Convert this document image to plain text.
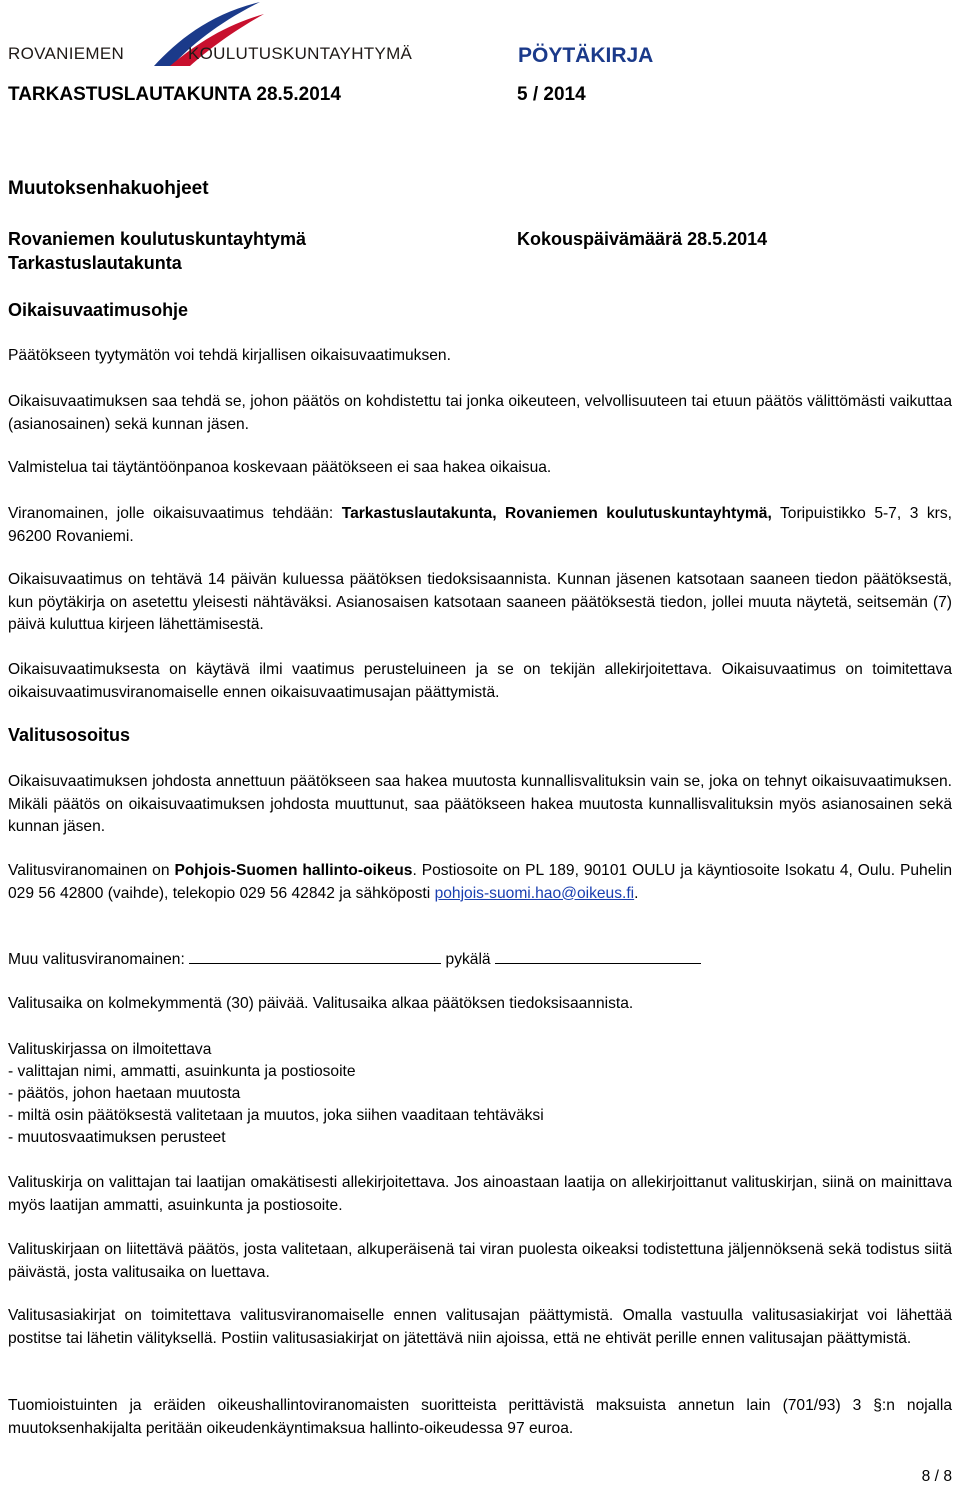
ROVANIEMEN	KOULUTUSKUNTAYHTYMÄ	PÖYTÄKIRJA
TARKASTUSLAUTAKUNTA 28.5.2014	5 / 2014
Muutoksenhakuohjeet
Rovaniemen koulutuskuntayhtymä	Kokouspäivämäärä 28.5.2014
Tarkastuslautakunta
Oikaisuvaatimusohje

Päätökseen tyytymätön voi tehdä kirjallisen oikaisuvaatimuksen.

Oikaisuvaatimuksen saa tehdä se, johon päätös on kohdistettu tai jonka oikeuteen, velvollisuuteen tai etuun päätös välittömästi vaikuttaa (asianosainen) sekä kunnan jäsen.

Valmistelua tai täytäntöönpanoa koskevaan päätökseen ei saa hakea oikaisua.

Viranomainen, jolle oikaisuvaatimus tehdään: Tarkastuslautakunta, Rovaniemen koulutuskuntayhtymä, Toripuistikko 5-7, 3 krs, 96200 Rovaniemi.

Oikaisuvaatimus on tehtävä 14 päivän kuluessa päätöksen tiedoksisaannista. Kunnan jäsenen katsotaan saaneen tiedon päätöksestä, kun pöytäkirja on asetettu yleisesti nähtäväksi. Asianosaisen katsotaan saaneen päätöksestä tiedon, jollei muuta näytetä, seitsemän (7) päivä kuluttua kirjeen lähettämisestä.

Oikaisuvaatimuksesta on käytävä ilmi vaatimus perusteluineen ja se on tekijän allekirjoitettava. Oikaisuvaatimus on toimitettava oikaisuvaatimusviranomaiselle ennen oikaisuvaatimusajan päättymistä.

Valitusosoitus

Oikaisuvaatimuksen johdosta annettuun päätökseen saa hakea muutosta kunnallisvalituksin vain se, joka on tehnyt oikaisuvaatimuksen. Mikäli päätös on oikaisuvaatimuksen johdosta muuttunut, saa päätökseen hakea muutosta kunnallisvalituksin myös asianosainen sekä kunnan jäsen.

Valitusviranomainen on Pohjois-Suomen hallinto-oikeus. Postiosoite on PL 189, 90101 OULU ja käyntiosoite Isokatu 4, Oulu. Puhelin 029 56 42800 (vaihde), telekopio 029 56 42842 ja sähköposti pohjois-suomi.hao@oikeus.fi.

Muu valitusviranomainen:	pykälä

Valitusaika on kolmekymmentä (30) päivää. Valitusaika alkaa päätöksen tiedoksisaannista.

Valituskirjassa on ilmoitettava

- valittajan nimi, ammatti, asuinkunta ja postiosoite

- päätös, johon haetaan muutosta

- miltä osin päätöksestä valitetaan ja muutos, joka siihen vaaditaan tehtäväksi

- muutosvaatimuksen perusteet

Valituskirja on valittajan tai laatijan omakätisesti allekirjoitettava. Jos ainoastaan laatija on allekirjoittanut valituskirjan, siinä on mainittava myös laatijan ammatti, asuinkunta ja postiosoite.

Valituskirjaan on liitettävä päätös, josta valitetaan, alkuperäisenä tai viran puolesta oikeaksi todistettuna jäljennöksenä sekä todistus siitä päivästä, josta valitusaika on luettava.

Valitusasiakirjat on toimitettava valitusviranomaiselle ennen valitusajan päättymistä. Omalla vastuulla valitusasiakirjat voi lähettää postitse tai lähetin välityksellä. Postiin valitusasiakirjat on jätettävä niin ajoissa, että ne ehtivät perille ennen valitusajan päättymistä.

Tuomioistuinten ja eräiden oikeushallintoviranomaisten suoritteista perittävistä maksuista annetun lain (701/93) 3 §:n nojalla muutoksenhakijalta peritään oikeudenkäyntimaksua hallinto-oikeudessa 97 euroa.

8 / 8
